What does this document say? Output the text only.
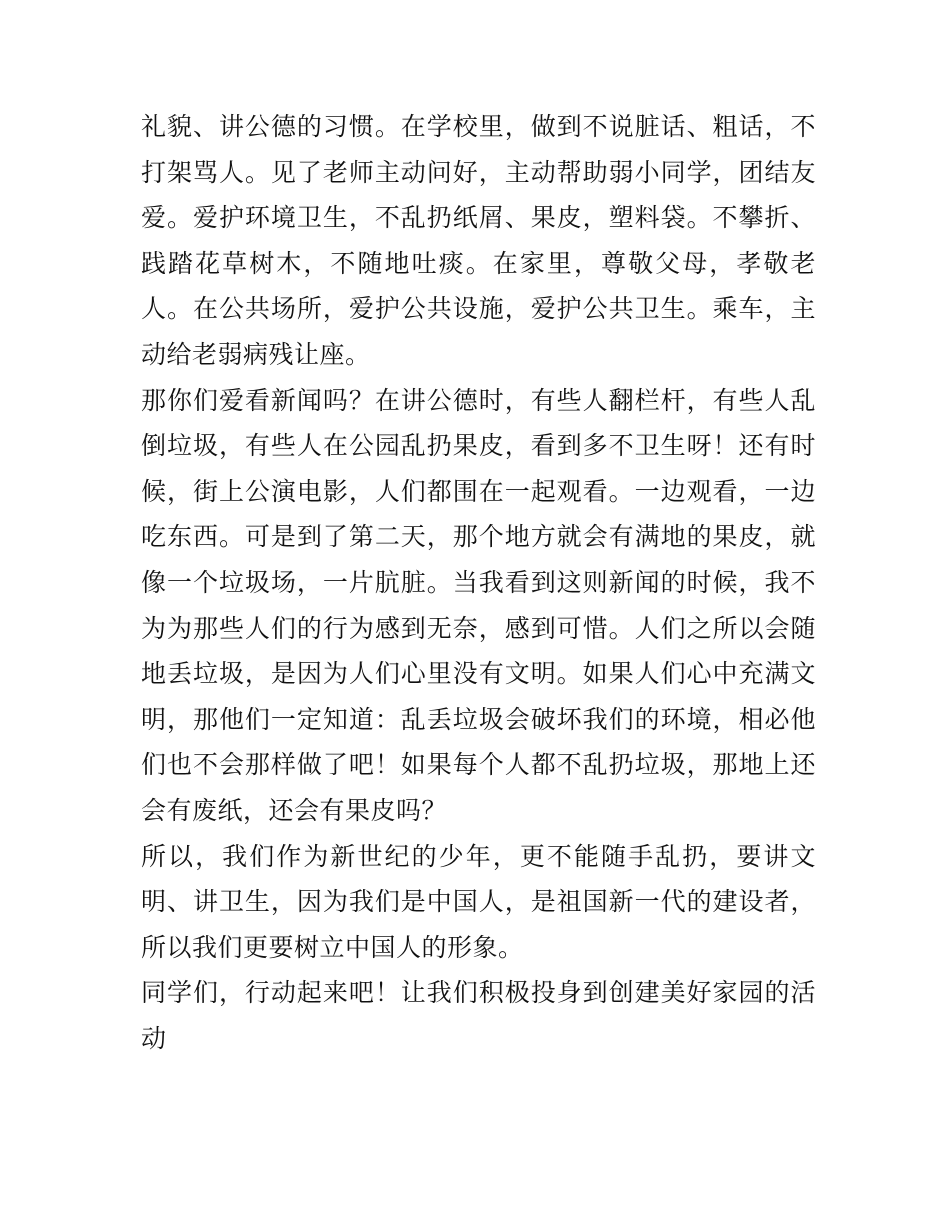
礼貌、讲公德的习惯。在学校里，做到不说脏话、粗话，不打架骂人。见了老师主动问好，主动帮助弱小同学，团结友爱。爱护环境卫生，不乱扔纸屑、果皮，塑料袋。不攀折、践踏花草树木，不随地吐痰。在家里，尊敬父母，孝敬老人。在公共场所，爱护公共设施，爱护公共卫生。乘车，主动给老弱病残让座。

那你们爱看新闻吗？在讲公德时，有些人翻栏杆，有些人乱倒垃圾，有些人在公园乱扔果皮，看到多不卫生呀！还有时候，街上公演电影，人们都围在一起观看。一边观看，一边吃东西。可是到了第二天，那个地方就会有满地的果皮，就像一个垃圾场，一片肮脏。当我看到这则新闻的时候，我不为为那些人们的行为感到无奈，感到可惜。人们之所以会随地丢垃圾，是因为人们心里没有文明。如果人们心中充满文明，那他们一定知道：乱丢垃圾会破坏我们的环境，相必他们也不会那样做了吧！如果每个人都不乱扔垃圾，那地上还会有废纸，还会有果皮吗？

所以，我们作为新世纪的少年，更不能随手乱扔，要讲文明、讲卫生，因为我们是中国人，是祖国新一代的建设者，所以我们更要树立中国人的形象。

同学们，行动起来吧！让我们积极投身到创建美好家园的活动
